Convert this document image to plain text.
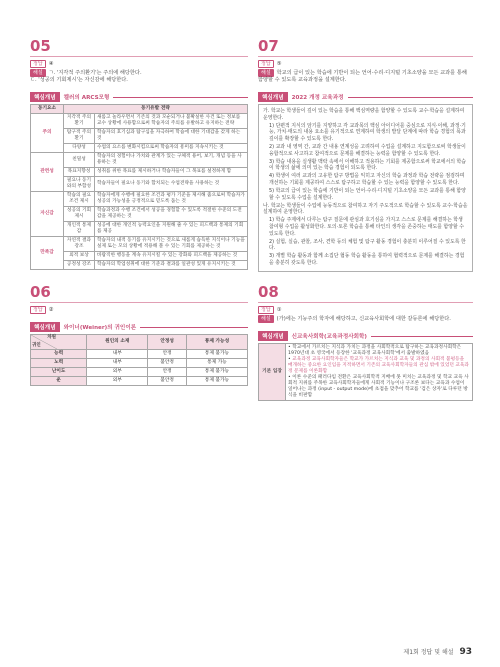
05
정답 ④
해설 ㄱ. '지각적 주의환기'는 주의에 해당한다.
ㄷ. '성공의 기회제시'는 자신감에 해당한다.
핵심개념	켈러의 ARCS모형
동기요소	동기유발 전략	
주의	지각적 주의환기	새롭고 놀라우면서 기존의 것과 모순되거나 불확실한 사건 또는 정보를 교수 상황에 사용함으로써 학습자의 주의를 유발하고 유지하는 전략
	탐구적 주의환기	학습자의 호기심과 탐구심을 자극하여 학습에 대한 기대감을 갖게 하는 것
	다양성	수업의 요소를 변화시킴으로써 학습자의 흥미를 지속시키는 것
관련성	친밀성	학습자의 경험이나 가치와 관계가 있는 구체적 용어, 보기, 개념 등을 사용하는 것
	목표지향성	성취를 위한 목표를 제시하거나 학습자들이 그 목표를 설정하게 함
	필요나 동기와의 부합성	학습자들이 필요나 동기와 합치되는 수업전략을 사용하는 것
자신감	학습의 필요조건 제시	학습자에게 수행에 필요한 조건과 평가 기준을 제시해 줌으로써 학습자가 성공의 가능성을 긍정적으로 믿도록 돕는 것
	성공의 기회 제시	학습과정과 수행 조건에서 성공을 경험할 수 있도록 적절한 수준의 도전감을 제공하는 것
	개인적 통제감	성공에 대한 개인적 능력요인을 지원해 줄 수 있는 피드백과 통제의 기회를 제공
만족감	자연적 결과 강조	학습자의 내적 동기를 유지시키는 것으로 새롭게 습득한 지식이나 기능을 실제 또는 모의 상황에 적용해 볼 수 있는 기회를 제공하는 것
	외적 보상	바람직한 행동을 계속 유지시킬 수 있는 강화와 피드백을 제공하는 것
	공정성 강조	학습자의 학업성취에 대한 기준과 결과를 일관성 있게 유지시키는 것
06
정답 ②
핵심개념	와이너(Weiner)의 귀인이론
차원
귀인	원인의 소재	안정성	통제 가능성
능력	내부	안정	통제 불가능
노력	내부	불안정	통제 가능
난이도	외부	안정	통제 불가능
운	외부	불안정	통제 불가능
07
정답 ⑤
해설 학교의 급이 있는 학습에 기반이 되는 언어·수리·디지털 기초소양을 모든 교과를 통해 함양할 수 있도록 교육과정을 설계한다.
핵심개념	2022 개정 교육과정

가. 학교는 학생들이 깊이 있는 학습을 통해 핵심역량을 함양할 수 있도록 교수·학습을 설계하여 운영한다.

1) 단편적 지식의 암기를 지양하고 각 교과목의 핵심 아이디어를 중심으로 지식·이해, 과정·기능, 가치·태도의 내용 요소를 유기적으로 연계하여 학생의 발달 단계에 따라 학습 경험의 폭과 깊이를 확장할 수 있도록 한다.

2) 교과 내 영역 간, 교과 간 내용 연계성을 고려하여 수업을 설계하고 지도함으로써 학생들이 융합적으로 사고하고 참여적으로 문제를 해결하는 능력을 함양할 수 있도록 한다.

3) 학습 내용을 실생활 맥락 속에서 이해하고 적용하는 기회를 제공함으로써 학교에서의 학습이 학생의 삶에 의미 있는 학습 경험이 되도록 한다.

4) 학생이 여러 교과의 고유한 탐구 방법을 익히고 자신의 학습 과정과 학습 전략을 점검하며 개선하는 기회를 제공하여 스스로 탐구하고 학습할 수 있는 능력을 함양할 수 있도록 한다.

5) 학교의 급이 있는 학습에 기반이 되는 언어·수리·디지털 기초소양을 모든 교과를 통해 함양할 수 있도록 수업을 설계한다.

나. 학교는 학생들이 수업에 능동적으로 참여하고 자기 주도적으로 학습할 수 있도록 교수·학습을 설계하여 운영한다.

1) 학습 주제에서 다루는 탐구 질문에 관심과 호기심을 가지고 스스로 문제를 해결하는 학생 참여형 수업을 활성화한다. 토의·토론 학습을 통해 타인의 생각을 존중하는 태도를 함양할 수 있도록 한다.

2) 실험, 실습, 관찰, 조사, 견학 등의 체험 및 탐구 활동 경험이 충분히 이루어질 수 있도록 한다.

3) 개별 학습 활동과 함께 소집단 협동 학습 활동을 통하여 협력적으로 문제를 해결하는 경험을 충분히 갖도록 한다.

08
정답 ①
해설 (가)에는 기능주의 학자에 해당하고, 신교육사회학에 대한 갈등론에 해당한다.
핵심개념	신교육사회학(교육과정사회학)
기본 입장	
• 학교에서 가르치는 지식과 가치는 과정을 사회학적으로 탐구하는 교육과정사회학은 1970년대 초 영국에서 등장한 '교육과정 교육사회학'에서 출발하였음
• 교육과정 교육사회학자들은 학교가 가르치는 지식과 교육 및 과정의 사회적 불평등을 매개하는 중요한 요인임을 지적하면서 기존의 교육사회학자들의 관심 밖에 있었던 교육과정 문제를 이론화함
• 이론 수준의 패러다임 전환은 교육사회학적 지배에 못 미치는 교육과정 및 학교 교육 사회적 지위를 주목한 교육사회학자들에게 사회적 기능이나 구조론 보다는 교육과 수업이 일어나는 과정 (input - output mode)에 초점을 맞추어 학교를 '검은 상자'로 다루던 방식을 비판함
제1회 정답 및 해설 93
